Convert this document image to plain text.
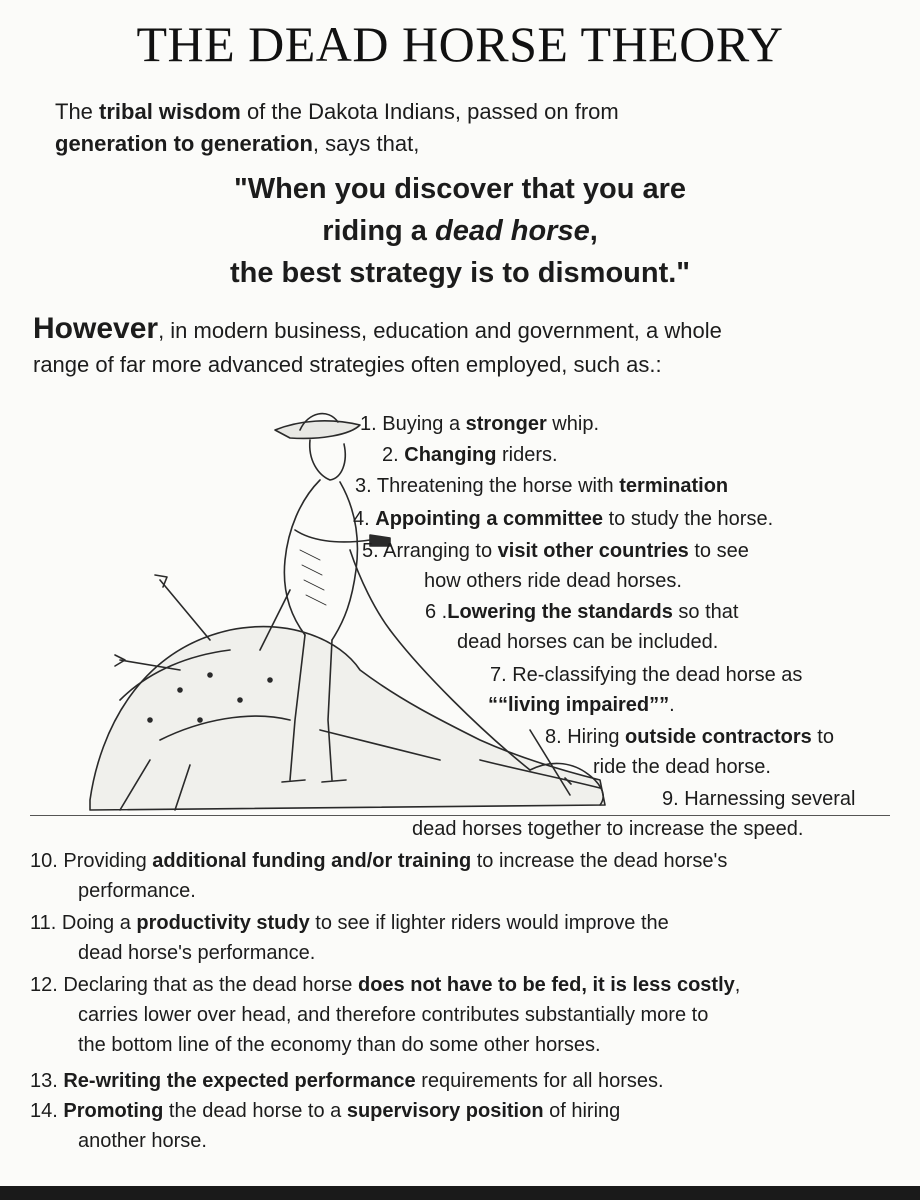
THE DEAD HORSE THEORY

The tribal wisdom of the Dakota Indians, passed on from
generation to generation, says that,

"When you discover that you are
riding a dead horse,
the best strategy is to dismount."

However, in modern business, education and government, a whole
range of far more advanced strategies often employed, such as.:

1. Buying a stronger whip.

2. Changing riders.

3. Threatening the horse with termination

4. Appointing a committee to study the horse.

5. Arranging to visit other countries to see
how others ride dead horses.

6 .Lowering the standards so that
dead horses can be included.

7. Re-classifying the dead horse as
““living impaired””.

8. Hiring outside contractors to
ride the dead horse.

9. Harnessing several
dead horses together to increase the speed.

10. Providing additional funding and/or training to increase the dead horse's
performance.

11. Doing a productivity study to see if lighter riders would improve the
dead horse's performance.

12. Declaring that as the dead horse does not have to be fed, it is less costly,
carries lower over head, and therefore contributes substantially more to
the bottom line of the economy than do some other horses.

13. Re-writing the expected performance requirements for all horses.

14. Promoting the dead horse to a supervisory position of hiring
another horse.
